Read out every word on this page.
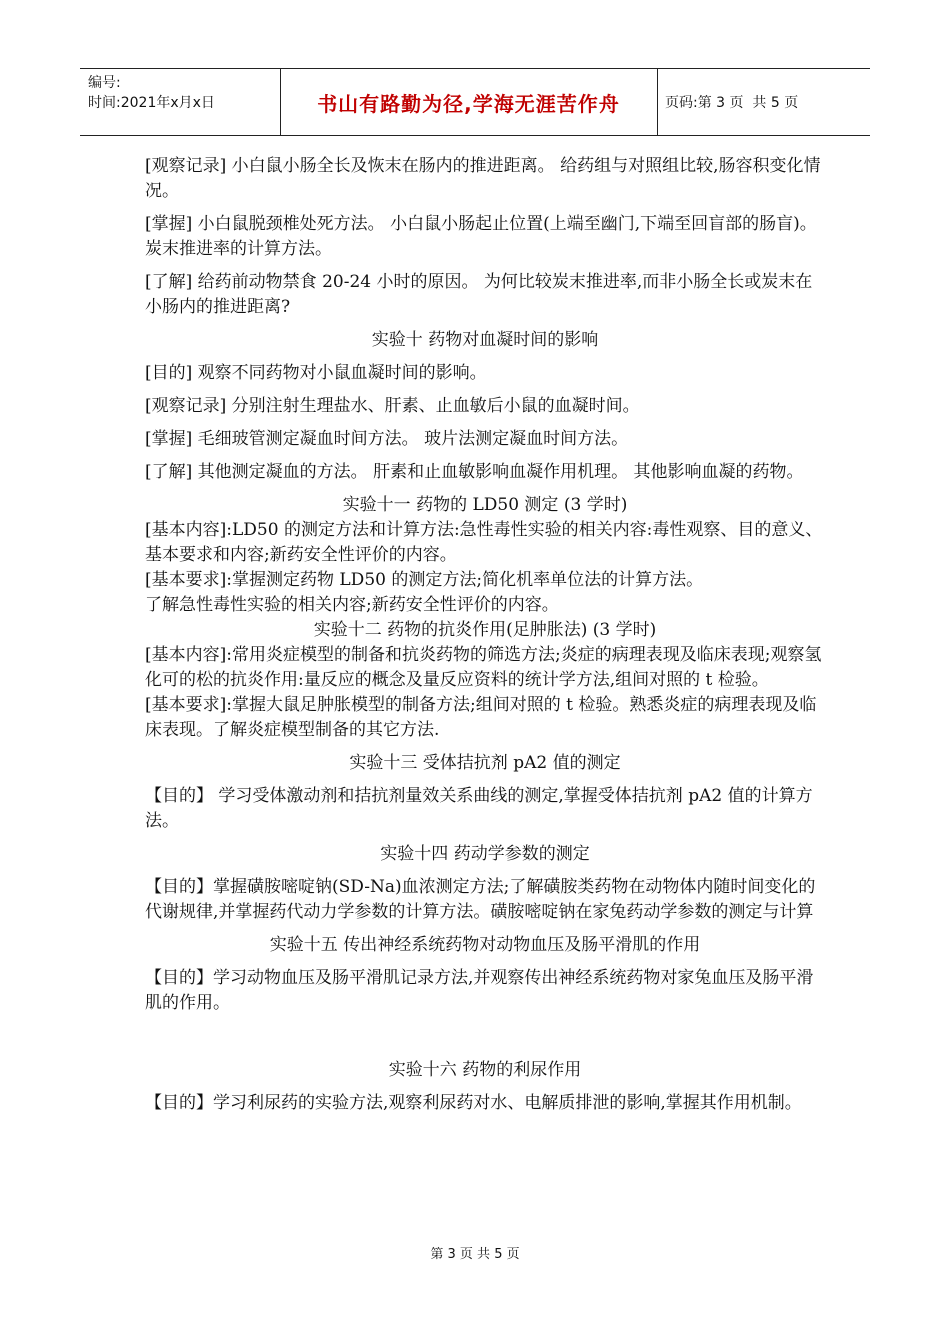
编号:
时间:2021年x月x日	书山有路勤为径,学海无涯苦作舟	页码:第 3 页  共 5 页
[观察记录] 小白鼠小肠全长及恢末在肠内的推进距离。 给药组与对照组比较,肠容积变化情况。
[掌握] 小白鼠脱颈椎处死方法。 小白鼠小肠起止位置(上端至幽门,下端至回盲部的肠盲)。 炭末推进率的计算方法。
[了解] 给药前动物禁食 20-24 小时的原因。 为何比较炭末推进率,而非小肠全长或炭末在小肠内的推进距离?
实验十 药物对血凝时间的影响
[目的] 观察不同药物对小鼠血凝时间的影响。
[观察记录] 分别注射生理盐水、肝素、止血敏后小鼠的血凝时间。
[掌握] 毛细玻管测定凝血时间方法。 玻片法测定凝血时间方法。
[了解] 其他测定凝血的方法。 肝素和止血敏影响血凝作用机理。 其他影响血凝的药物。
实验十一 药物的 LD50 测定 (3 学时)
[基本内容]:LD50 的测定方法和计算方法:急性毒性实验的相关内容:毒性观察、目的意义、基本要求和内容;新药安全性评价的内容。
[基本要求]:掌握测定药物 LD50 的测定方法;简化机率单位法的计算方法。
了解急性毒性实验的相关内容;新药安全性评价的内容。
实验十二 药物的抗炎作用(足肿胀法) (3 学时)
[基本内容]:常用炎症模型的制备和抗炎药物的筛选方法;炎症的病理表现及临床表现;观察氢化可的松的抗炎作用:量反应的概念及量反应资料的统计学方法,组间对照的 t 检验。
[基本要求]:掌握大鼠足肿胀模型的制备方法;组间对照的 t 检验。熟悉炎症的病理表现及临床表现。了解炎症模型制备的其它方法.
实验十三 受体拮抗剂 pA2 值的测定
【目的】 学习受体激动剂和拮抗剂量效关系曲线的测定,掌握受体拮抗剂 pA2 值的计算方法。
实验十四 药动学参数的测定
【目的】掌握磺胺嘧啶钠(SD-Na)血浓测定方法;了解磺胺类药物在动物体内随时间变化的代谢规律,并掌握药代动力学参数的计算方法。磺胺嘧啶钠在家兔药动学参数的测定与计算
实验十五 传出神经系统药物对动物血压及肠平滑肌的作用
【目的】学习动物血压及肠平滑肌记录方法,并观察传出神经系统药物对家兔血压及肠平滑肌的作用。
实验十六 药物的利尿作用
【目的】学习利尿药的实验方法,观察利尿药对水、电解质排泄的影响,掌握其作用机制。
第 3 页 共 5 页
